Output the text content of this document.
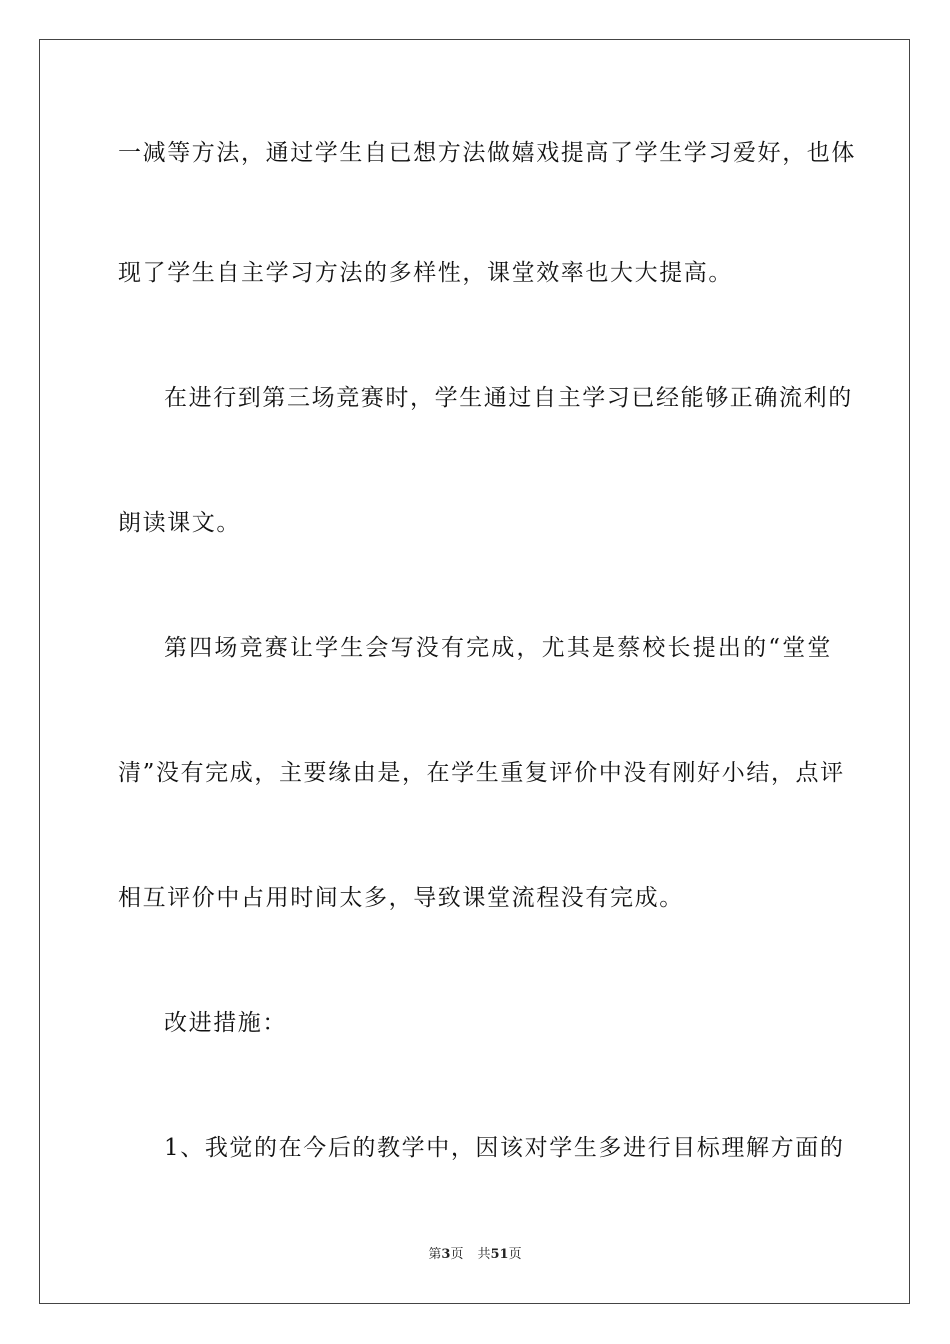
一减等方法，通过学生自已想方法做嬉戏提高了学生学习爱好，也体
现了学生自主学习方法的多样性，课堂效率也大大提高。
在进行到第三场竞赛时，学生通过自主学习已经能够正确流利的
朗读课文。
第四场竞赛让学生会写没有完成，尤其是蔡校长提出的“堂堂
清”没有完成，主要缘由是，在学生重复评价中没有刚好小结，点评
相互评价中占用时间太多，导致课堂流程没有完成。
改进措施：
1、我觉的在今后的教学中，因该对学生多进行目标理解方面的
第3页 共51页
